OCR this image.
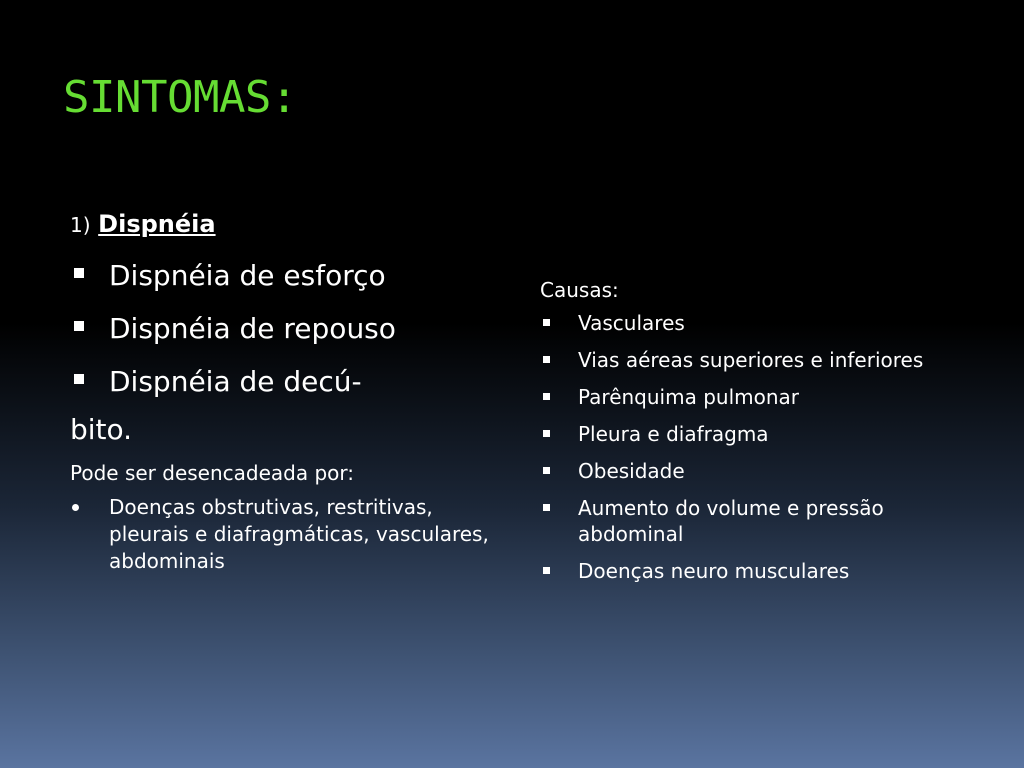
SINTOMAS:
1) Dispnéia
Dispnéia de esforço
Dispnéia de repouso
Dispnéia de decú-
bito.
Pode ser desencadeada por:
Doenças obstrutivas, restritivas, pleurais e diafragmáticas, vasculares, abdominais
Causas:
Vasculares
Vias aéreas superiores e inferiores
Parênquima pulmonar
Pleura e diafragma
Obesidade
Aumento do volume e pressão abdominal
Doenças neuro musculares
